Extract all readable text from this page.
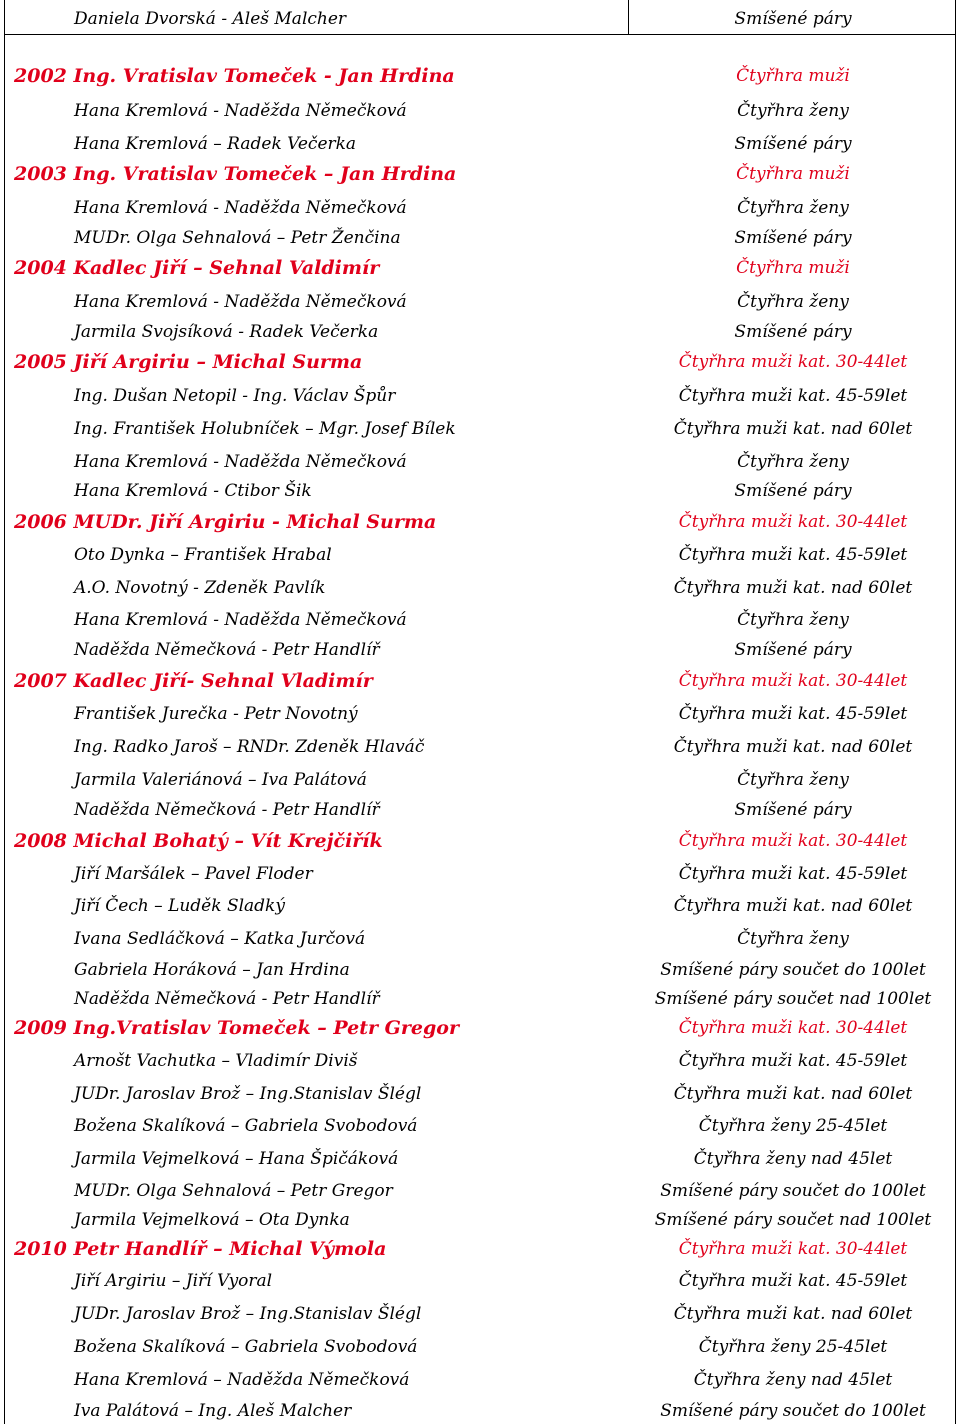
Daniela Dvorská - Aleš Malcher	Smíšené páry
2002 Ing. Vratislav Tomeček - Jan Hrdina	Čtyřhra muži
Hana Kremlová - Naděžda Němečková	Čtyřhra ženy
Hana Kremlová – Radek Večerka	Smíšené páry
2003 Ing. Vratislav Tomeček – Jan Hrdina	Čtyřhra muži
Hana Kremlová - Naděžda Němečková	Čtyřhra ženy
MUDr. Olga Sehnalová – Petr Ženčina	Smíšené páry
2004 Kadlec Jiří – Sehnal Valdimír	Čtyřhra muži
Hana Kremlová - Naděžda Němečková	Čtyřhra ženy
Jarmila Svojsíková - Radek Večerka	Smíšené páry
2005 Jiří Argiriu – Michal Surma	Čtyřhra muži kat. 30-44let
Ing. Dušan Netopil - Ing. Václav Špůr	Čtyřhra muži kat. 45-59let
Ing. František Holubníček – Mgr. Josef Bílek	Čtyřhra muži kat. nad 60let
Hana Kremlová - Naděžda Němečková	Čtyřhra ženy
Hana Kremlová - Ctibor Šik	Smíšené páry
2006 MUDr. Jiří Argiriu - Michal Surma	Čtyřhra muži kat. 30-44let
Oto Dynka – František Hrabal	Čtyřhra muži kat. 45-59let
A.O. Novotný - Zdeněk Pavlík	Čtyřhra muži kat. nad 60let
Hana Kremlová - Naděžda Němečková	Čtyřhra ženy
Naděžda Němečková - Petr Handlíř	Smíšené páry
2007 Kadlec Jiří- Sehnal Vladimír	Čtyřhra muži kat. 30-44let
František Jurečka - Petr Novotný	Čtyřhra muži kat. 45-59let
Ing. Radko Jaroš – RNDr. Zdeněk Hlaváč	Čtyřhra muži kat. nad 60let
Jarmila Valeriánová – Iva Palátová	Čtyřhra ženy
Naděžda Němečková - Petr Handlíř	Smíšené páry
2008 Michal Bohatý – Vít Krejčiřík	Čtyřhra muži kat. 30-44let
Jiří Maršálek – Pavel Floder	Čtyřhra muži kat. 45-59let
Jiří Čech – Luděk Sladký	Čtyřhra muži kat. nad 60let
Ivana Sedláčková – Katka Jurčová	Čtyřhra ženy
Gabriela Horáková – Jan Hrdina	Smíšené páry součet do 100let
Naděžda Němečková - Petr Handlíř	Smíšené páry součet nad 100let
2009 Ing.Vratislav Tomeček – Petr Gregor	Čtyřhra muži kat. 30-44let
Arnošt Vachutka – Vladimír Diviš	Čtyřhra muži kat. 45-59let
JUDr. Jaroslav Brož – Ing.Stanislav Šlégl	Čtyřhra muži kat. nad 60let
Božena Skalíková – Gabriela Svobodová	Čtyřhra ženy 25-45let
Jarmila Vejmelková – Hana Špičáková	Čtyřhra ženy nad 45let
MUDr. Olga Sehnalová – Petr Gregor	Smíšené páry součet do 100let
Jarmila Vejmelková – Ota Dynka	Smíšené páry součet nad 100let
2010 Petr Handlíř – Michal Výmola	Čtyřhra muži kat. 30-44let
Jiří Argiriu – Jiří Vyoral	Čtyřhra muži kat. 45-59let
JUDr. Jaroslav Brož – Ing.Stanislav Šlégl	Čtyřhra muži kat. nad 60let
Božena Skalíková – Gabriela Svobodová	Čtyřhra ženy 25-45let
Hana Kremlová – Naděžda Němečková	Čtyřhra ženy nad 45let
Iva Palátová – Ing. Aleš Malcher	Smíšené páry součet do 100let
